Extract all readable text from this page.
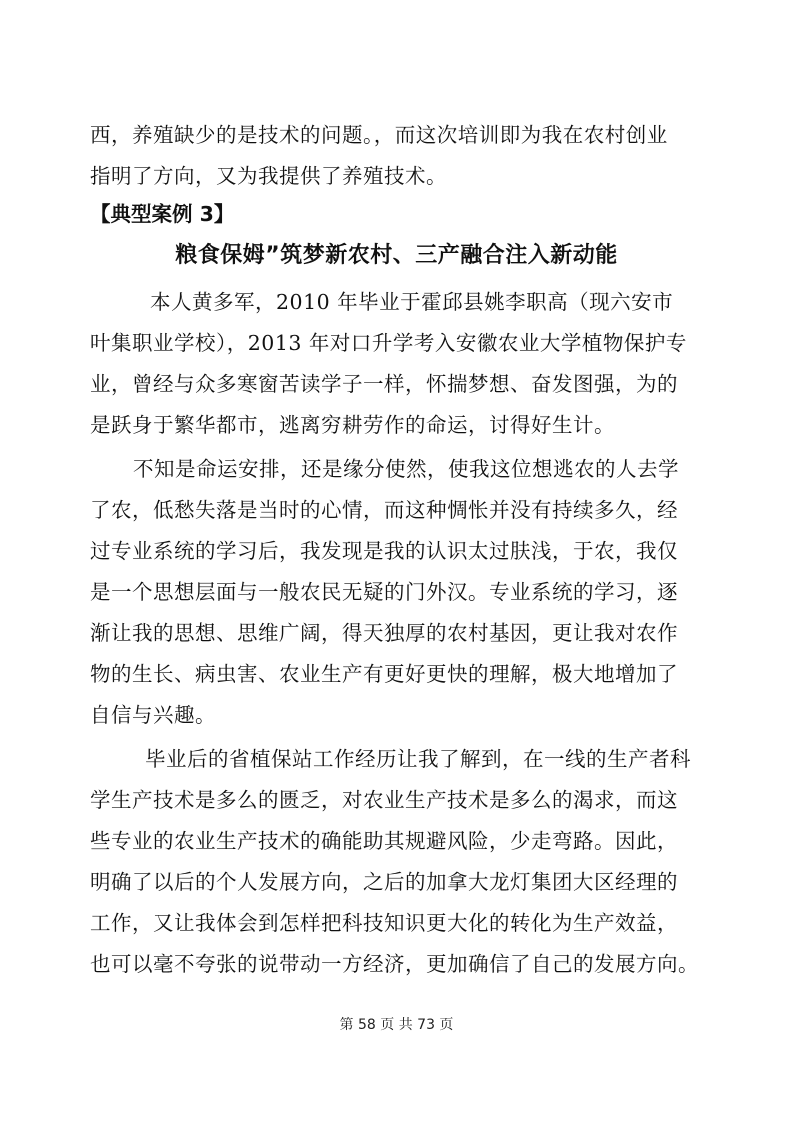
西，养殖缺少的是技术的问题。，而这次培训即为我在农村创业
指明了方向，又为我提供了养殖技术。
【典型案例 3】
粮食保姆”筑梦新农村、三产融合注入新动能
本人黄多军，2010 年毕业于霍邱县姚李职高（现六安市
叶集职业学校），2013 年对口升学考入安徽农业大学植物保护专
业，曾经与众多寒窗苦读学子一样，怀揣梦想、奋发图强，为的
是跃身于繁华都市，逃离穷耕劳作的命运，讨得好生计。
不知是命运安排，还是缘分使然，使我这位想逃农的人去学
了农，低愁失落是当时的心情，而这种惆怅并没有持续多久，经
过专业系统的学习后，我发现是我的认识太过肤浅，于农，我仅
是一个思想层面与一般农民无疑的门外汉。专业系统的学习，逐
渐让我的思想、思维广阔，得天独厚的农村基因，更让我对农作
物的生长、病虫害、农业生产有更好更快的理解，极大地增加了
自信与兴趣。
毕业后的省植保站工作经历让我了解到，在一线的生产者科
学生产技术是多么的匮乏，对农业生产技术是多么的渴求，而这
些专业的农业生产技术的确能助其规避风险，少走弯路。因此，
明确了以后的个人发展方向，之后的加拿大龙灯集团大区经理的
工作，又让我体会到怎样把科技知识更大化的转化为生产效益，
也可以毫不夸张的说带动一方经济，更加确信了自己的发展方向。
第 58 页 共 73 页
